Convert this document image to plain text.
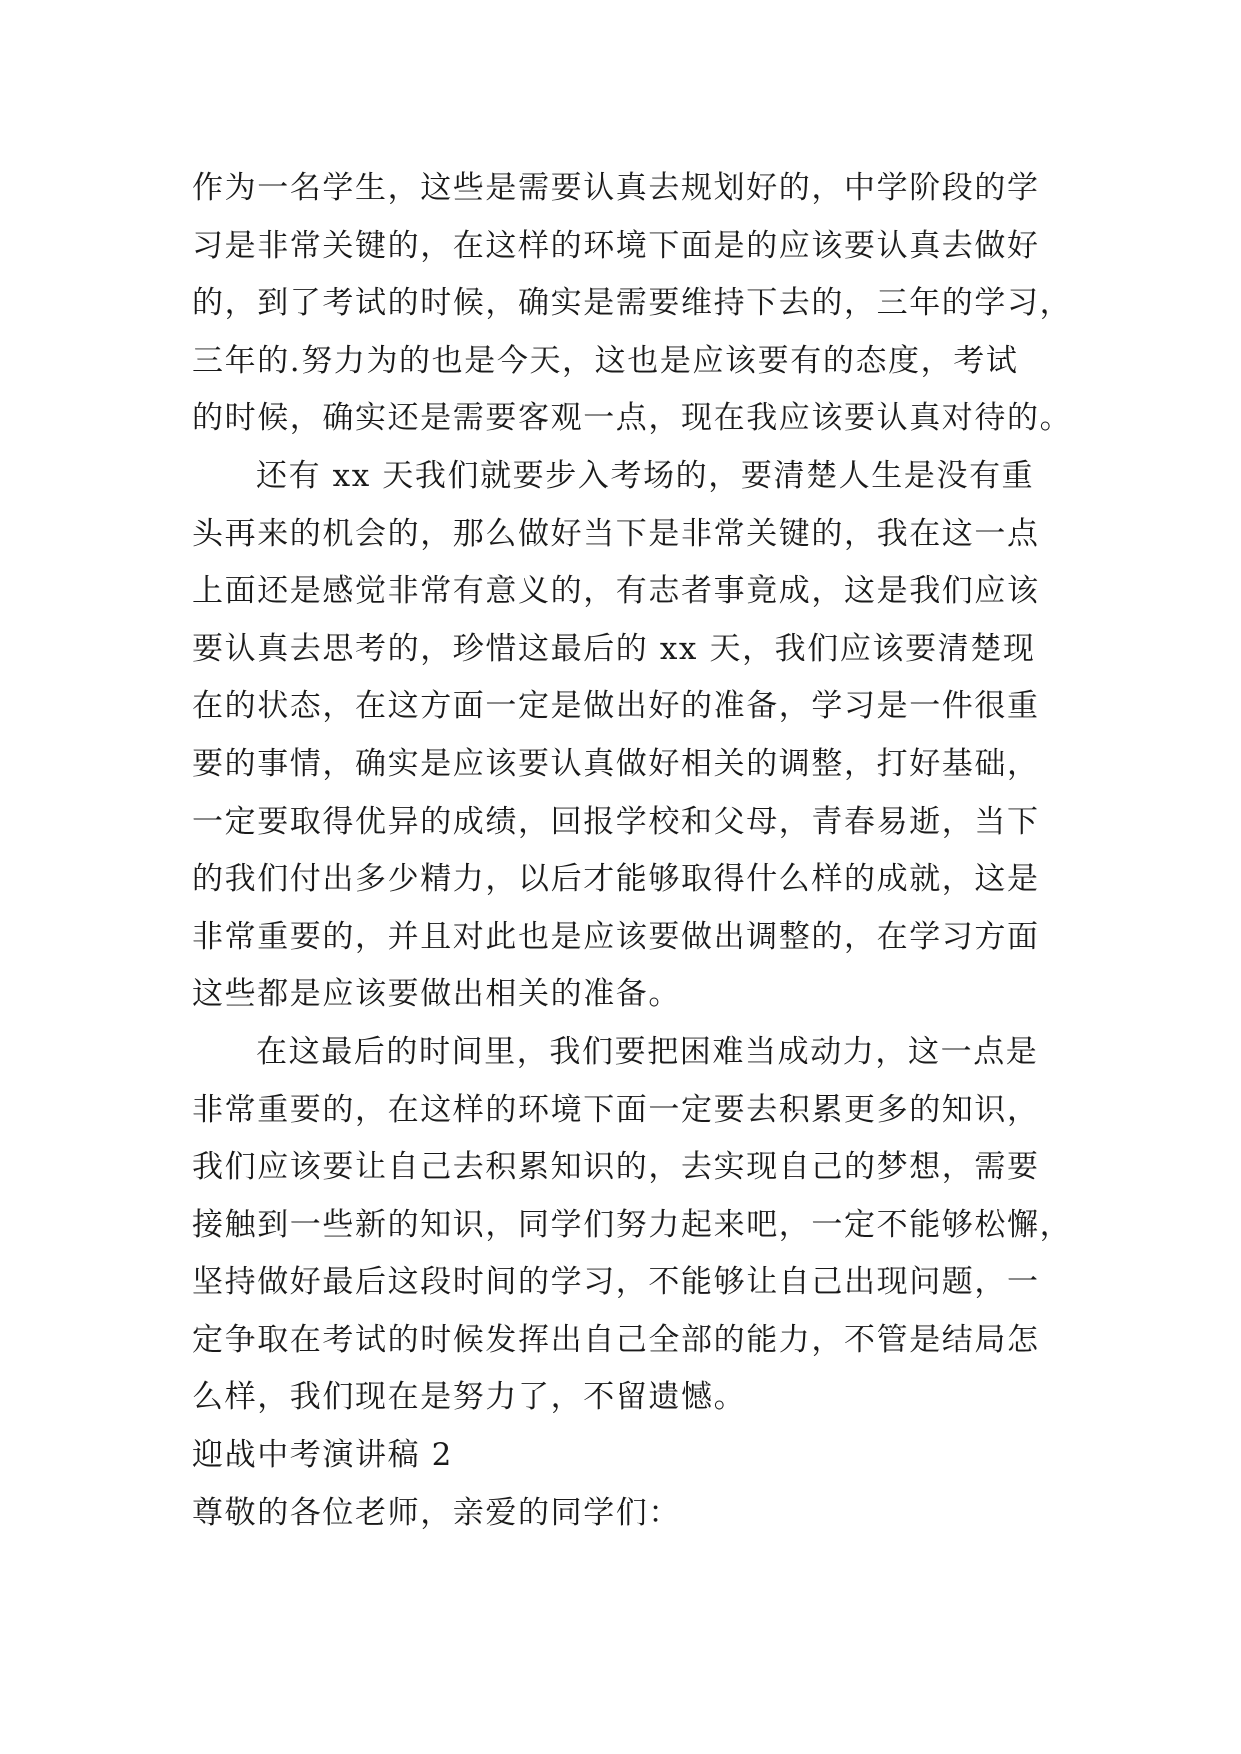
作为一名学生，这些是需要认真去规划好的，中学阶段的学
习是非常关键的，在这样的环境下面是的应该要认真去做好
的，到了考试的时候，确实是需要维持下去的，三年的学习，
三年的.努力为的也是今天，这也是应该要有的态度，考试
的时候，确实还是需要客观一点，现在我应该要认真对待的。
还有 xx 天我们就要步入考场的，要清楚人生是没有重
头再来的机会的，那么做好当下是非常关键的，我在这一点
上面还是感觉非常有意义的，有志者事竟成，这是我们应该
要认真去思考的，珍惜这最后的 xx 天，我们应该要清楚现
在的状态，在这方面一定是做出好的准备，学习是一件很重
要的事情，确实是应该要认真做好相关的调整，打好基础，
一定要取得优异的成绩，回报学校和父母，青春易逝，当下
的我们付出多少精力，以后才能够取得什么样的成就，这是
非常重要的，并且对此也是应该要做出调整的，在学习方面
这些都是应该要做出相关的准备。
在这最后的时间里，我们要把困难当成动力，这一点是
非常重要的，在这样的环境下面一定要去积累更多的知识，
我们应该要让自己去积累知识的，去实现自己的梦想，需要
接触到一些新的知识，同学们努力起来吧，一定不能够松懈，
坚持做好最后这段时间的学习，不能够让自己出现问题，一
定争取在考试的时候发挥出自己全部的能力，不管是结局怎
么样，我们现在是努力了，不留遗憾。
迎战中考演讲稿 2
尊敬的各位老师，亲爱的同学们：
